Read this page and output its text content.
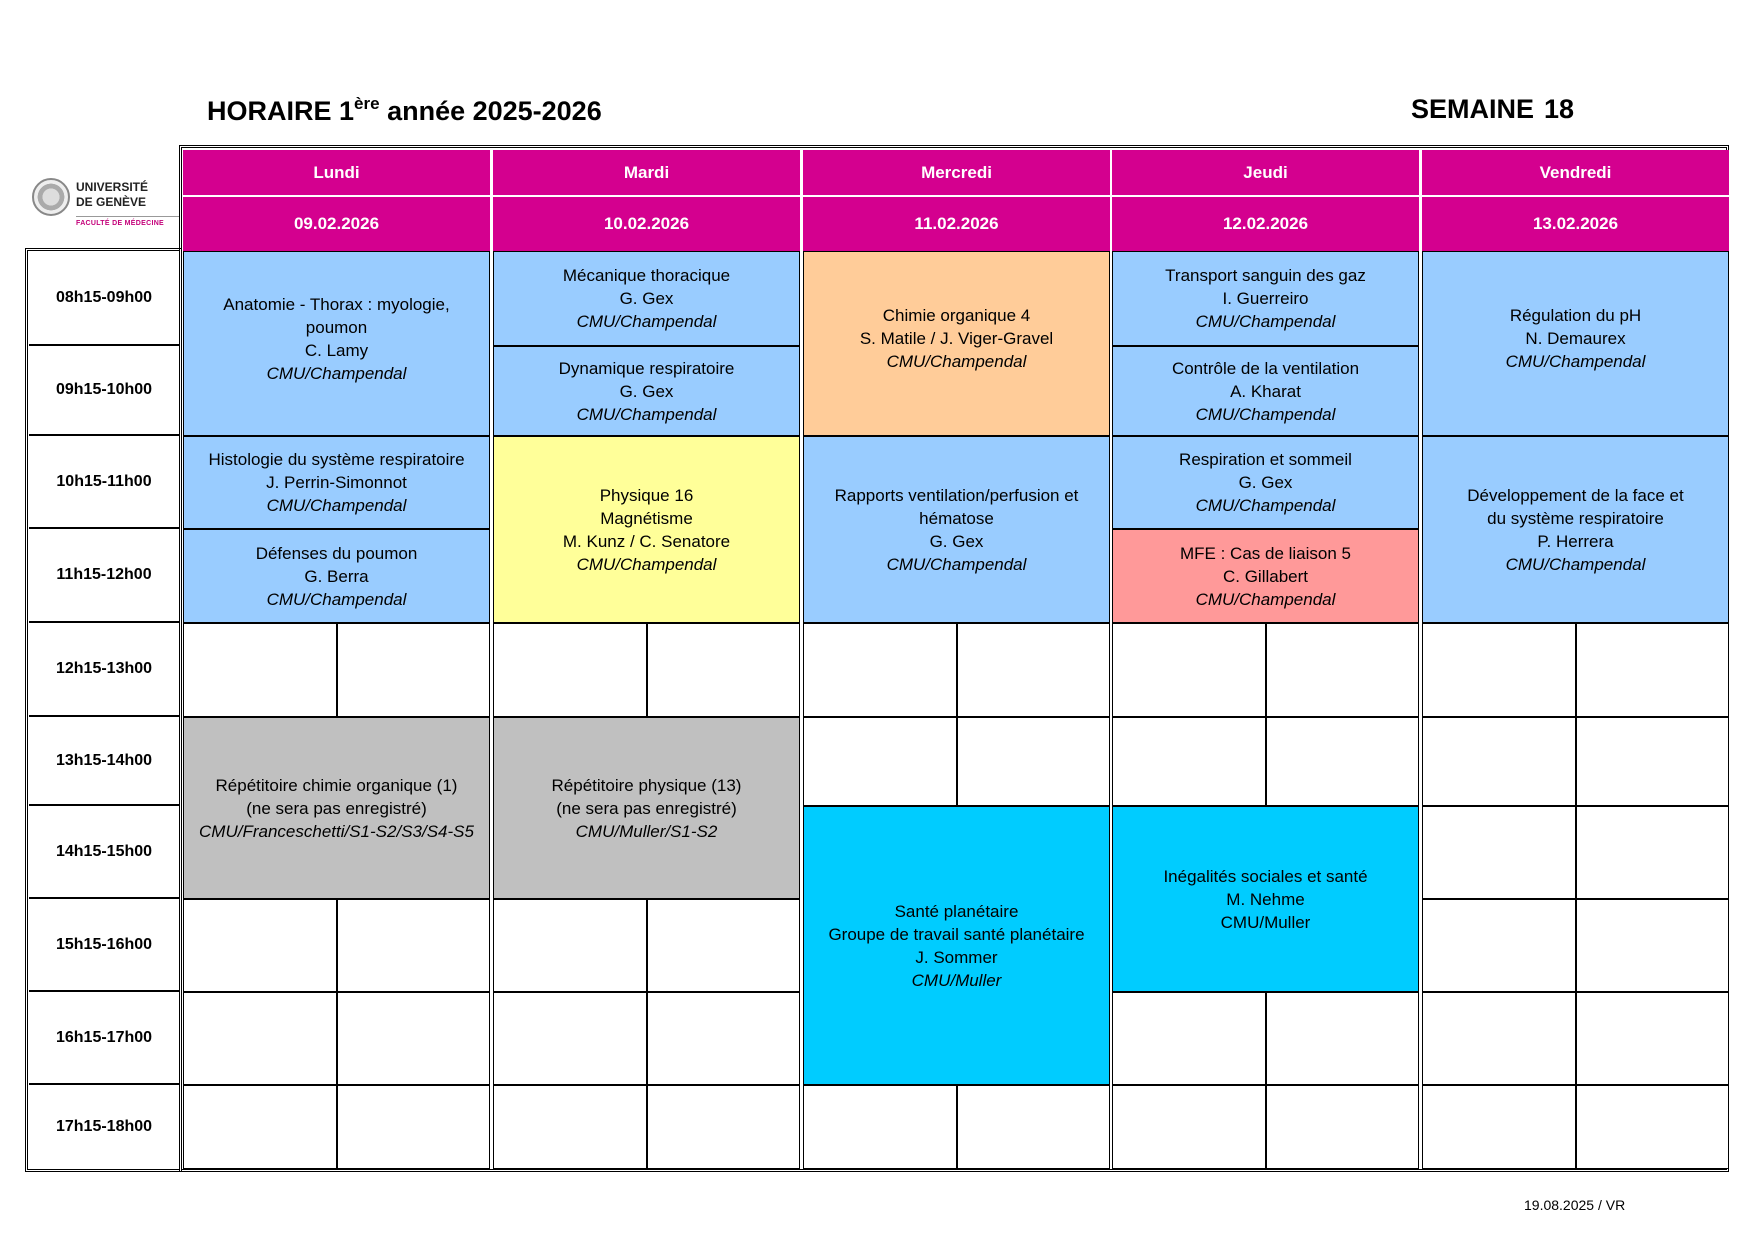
HORAIRE 1ère année 2025-2026	SEMAINE 18
UNIVERSITÉ
DE GENÈVE
FACULTÉ DE MÉDECINE
Lundi
09.02.2026
Mardi
10.02.2026
Mercredi
11.02.2026
Jeudi
12.02.2026
Vendredi
13.02.2026
08h15-09h00
09h15-10h00
10h15-11h00
11h15-12h00
12h15-13h00
13h15-14h00
14h15-15h00
15h15-16h00
16h15-17h00
17h15-18h00
Anatomie - Thorax : myologie,
poumon
C. Lamy
CMU/Champendal
Histologie du système respiratoire
J. Perrin-Simonnot
CMU/Champendal
Défenses du poumon
G. Berra
CMU/Champendal
Répétitoire chimie organique (1)
(ne sera pas enregistré)
CMU/Franceschetti/S1-S2/S3/S4-S5
Mécanique thoracique
G. Gex
CMU/Champendal
Dynamique respiratoire
G. Gex
CMU/Champendal
Physique 16
Magnétisme
M. Kunz / C. Senatore
CMU/Champendal
Répétitoire physique (13)
(ne sera pas enregistré)
CMU/Muller/S1-S2
Chimie organique 4
S. Matile / J. Viger-Gravel
CMU/Champendal
Rapports ventilation/perfusion et
hématose
G. Gex
CMU/Champendal
Santé planétaire
Groupe de travail santé planétaire
J. Sommer
CMU/Muller
Transport sanguin des gaz
I. Guerreiro
CMU/Champendal
Contrôle de la ventilation
A. Kharat
CMU/Champendal
Respiration et sommeil
G. Gex
CMU/Champendal
MFE : Cas de liaison 5
C. Gillabert
CMU/Champendal
Inégalités sociales et santé
M. Nehme
CMU/Muller
Régulation du pH
N. Demaurex
CMU/Champendal
Développement de la face et
du système respiratoire
P. Herrera
CMU/Champendal
19.08.2025 / VR
